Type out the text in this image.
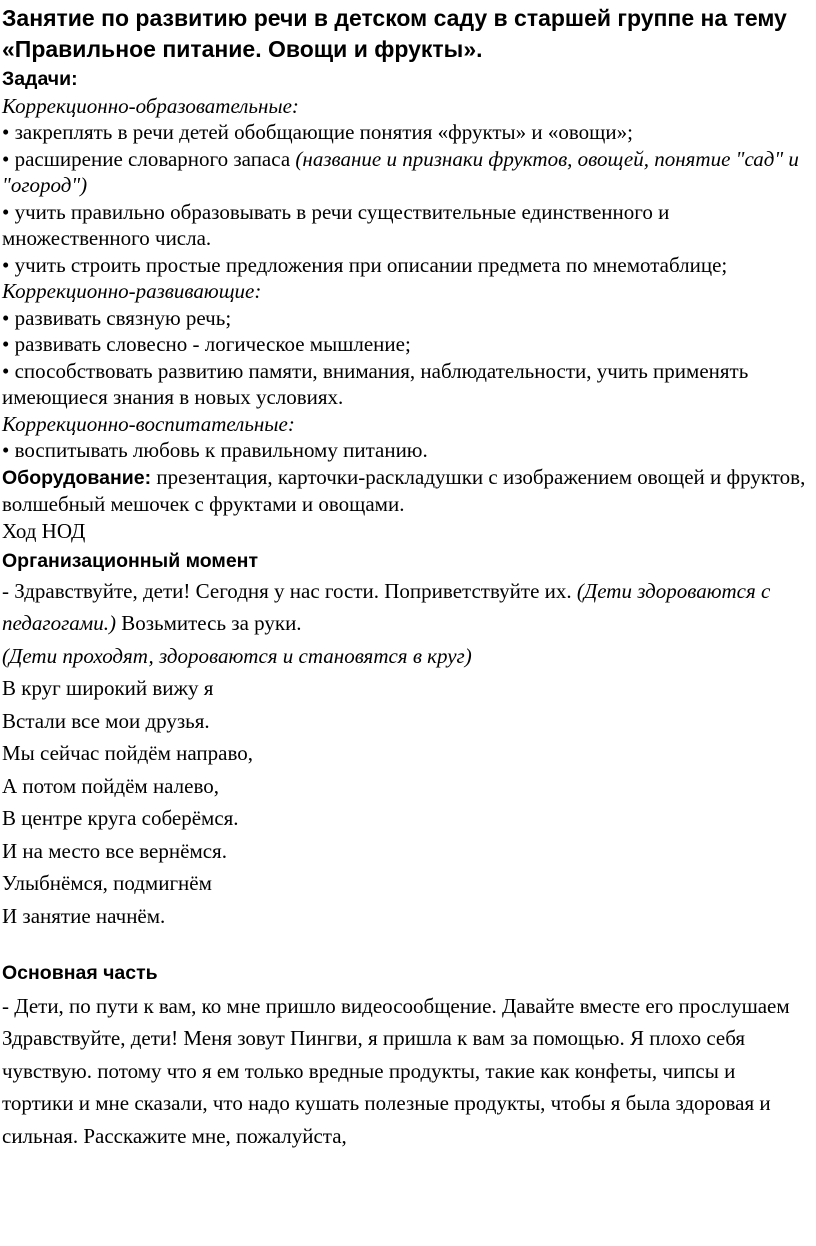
Занятие по развитию речи в детском саду в старшей группе на тему «Правильное питание. Овощи и фрукты».

Задачи:

Коррекционно-образовательные:

• закреплять в речи детей обобщающие понятия «фрукты» и «овощи»;

• расширение словарного запаса (название и признаки фруктов, овощей, понятие "сад" и "огород")

• учить правильно образовывать в речи существительные единственного и множественного числа.

• учить строить простые предложения при описании предмета по мнемотаблице;

Коррекционно-развивающие:

• развивать связную речь;

• развивать словесно - логическое мышление;

• способствовать развитию памяти, внимания, наблюдательности, учить применять имеющиеся знания в новых условиях.

Коррекционно-воспитательные:

• воспитывать любовь к правильному питанию.

Оборудование: презентация, карточки-раскладушки с изображением овощей и фруктов, волшебный мешочек с фруктами и овощами.

Ход НОД

Организационный момент

- Здравствуйте, дети! Сегодня у нас гости. Поприветствуйте их. (Дети здороваются с педагогами.) Возьмитесь за руки.

(Дети проходят, здороваются и становятся в круг)

В круг широкий вижу я

Встали все мои друзья.

Мы сейчас пойдём направо,

А потом пойдём налево,

В центре круга соберёмся.

И на место все вернёмся.

Улыбнёмся, подмигнём

И занятие начнём.

Основная часть

- Дети, по пути к вам, ко мне пришло видеосообщение. Давайте вместе его прослушаем

Здравствуйте, дети! Меня зовут Пингви, я пришла к вам за помощью. Я плохо себя чувствую. потому что я ем только вредные продукты, такие как конфеты, чипсы и тортики и мне сказали, что надо кушать полезные продукты, чтобы я была здоровая и сильная. Расскажите мне, пожалуйста,
